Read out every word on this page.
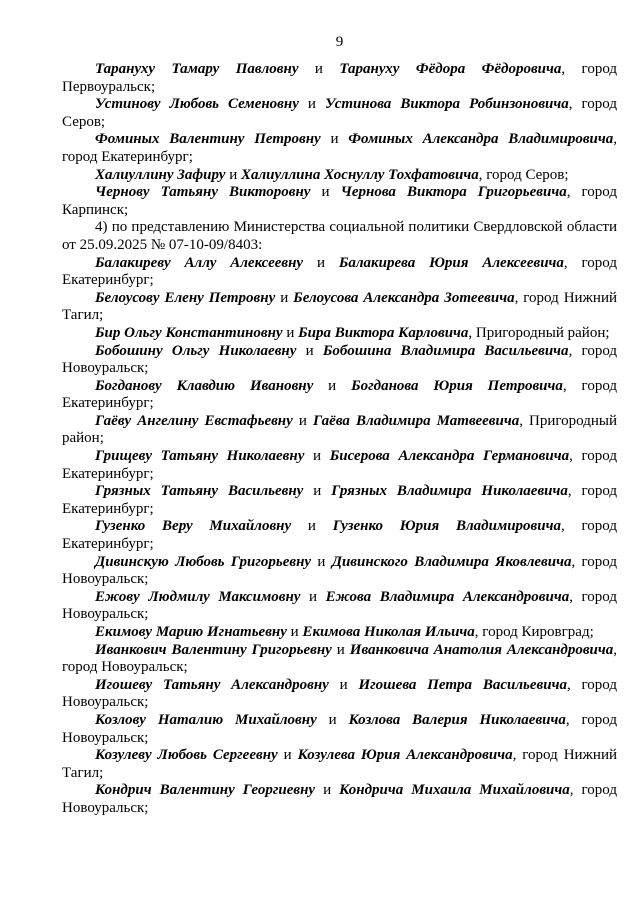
9

Тарануху Тамару Павловну и Тарануху Фёдора Фёдоровича, город Первоуральск;

Устинову Любовь Семеновну и Устинова Виктора Робинзоновича, город Серов;

Фоминых Валентину Петровну и Фоминых Александра Владимировича, город Екатеринбург;

Халиуллину Зафиру и Халиуллина Хоснуллу Тохфатовича, город Серов;

Чернову Татьяну Викторовну и Чернова Виктора Григорьевича, город Карпинск;

4) по представлению Министерства социальной политики Свердловской области от 25.09.2025 № 07-10-09/8403:

Балакиреву Аллу Алексеевну и Балакирева Юрия Алексеевича, город Екатеринбург;

Белоусову Елену Петровну и Белоусова Александра Зотеевича, город Нижний Тагил;

Бир Ольгу Константиновну и Бира Виктора Карловича, Пригородный район;

Бобошину Ольгу Николаевну и Бобошина Владимира Васильевича, город Новоуральск;

Богданову Клавдию Ивановну и Богданова Юрия Петровича, город Екатеринбург;

Гаёву Ангелину Евстафьевну и Гаёва Владимира Матвеевича, Пригородный район;

Грищеву Татьяну Николаевну и Бисерова Александра Германовича, город Екатеринбург;

Грязных Татьяну Васильевну и Грязных Владимира Николаевича, город Екатеринбург;

Гузенко Веру Михайловну и Гузенко Юрия Владимировича, город Екатеринбург;

Дивинскую Любовь Григорьевну и Дивинского Владимира Яковлевича, город Новоуральск;

Ежову Людмилу Максимовну и Ежова Владимира Александровича, город Новоуральск;

Екимову Марию Игнатьевну и Екимова Николая Ильича, город Кировград;

Иванкович Валентину Григорьевну и Иванковича Анатолия Александровича, город Новоуральск;

Игошеву Татьяну Александровну и Игошева Петра Васильевича, город Новоуральск;

Козлову Наталию Михайловну и Козлова Валерия Николаевича, город Новоуральск;

Козулеву Любовь Сергеевну и Козулева Юрия Александровича, город Нижний Тагил;

Кондрич Валентину Георгиевну и Кондрича Михаила Михайловича, город Новоуральск;
